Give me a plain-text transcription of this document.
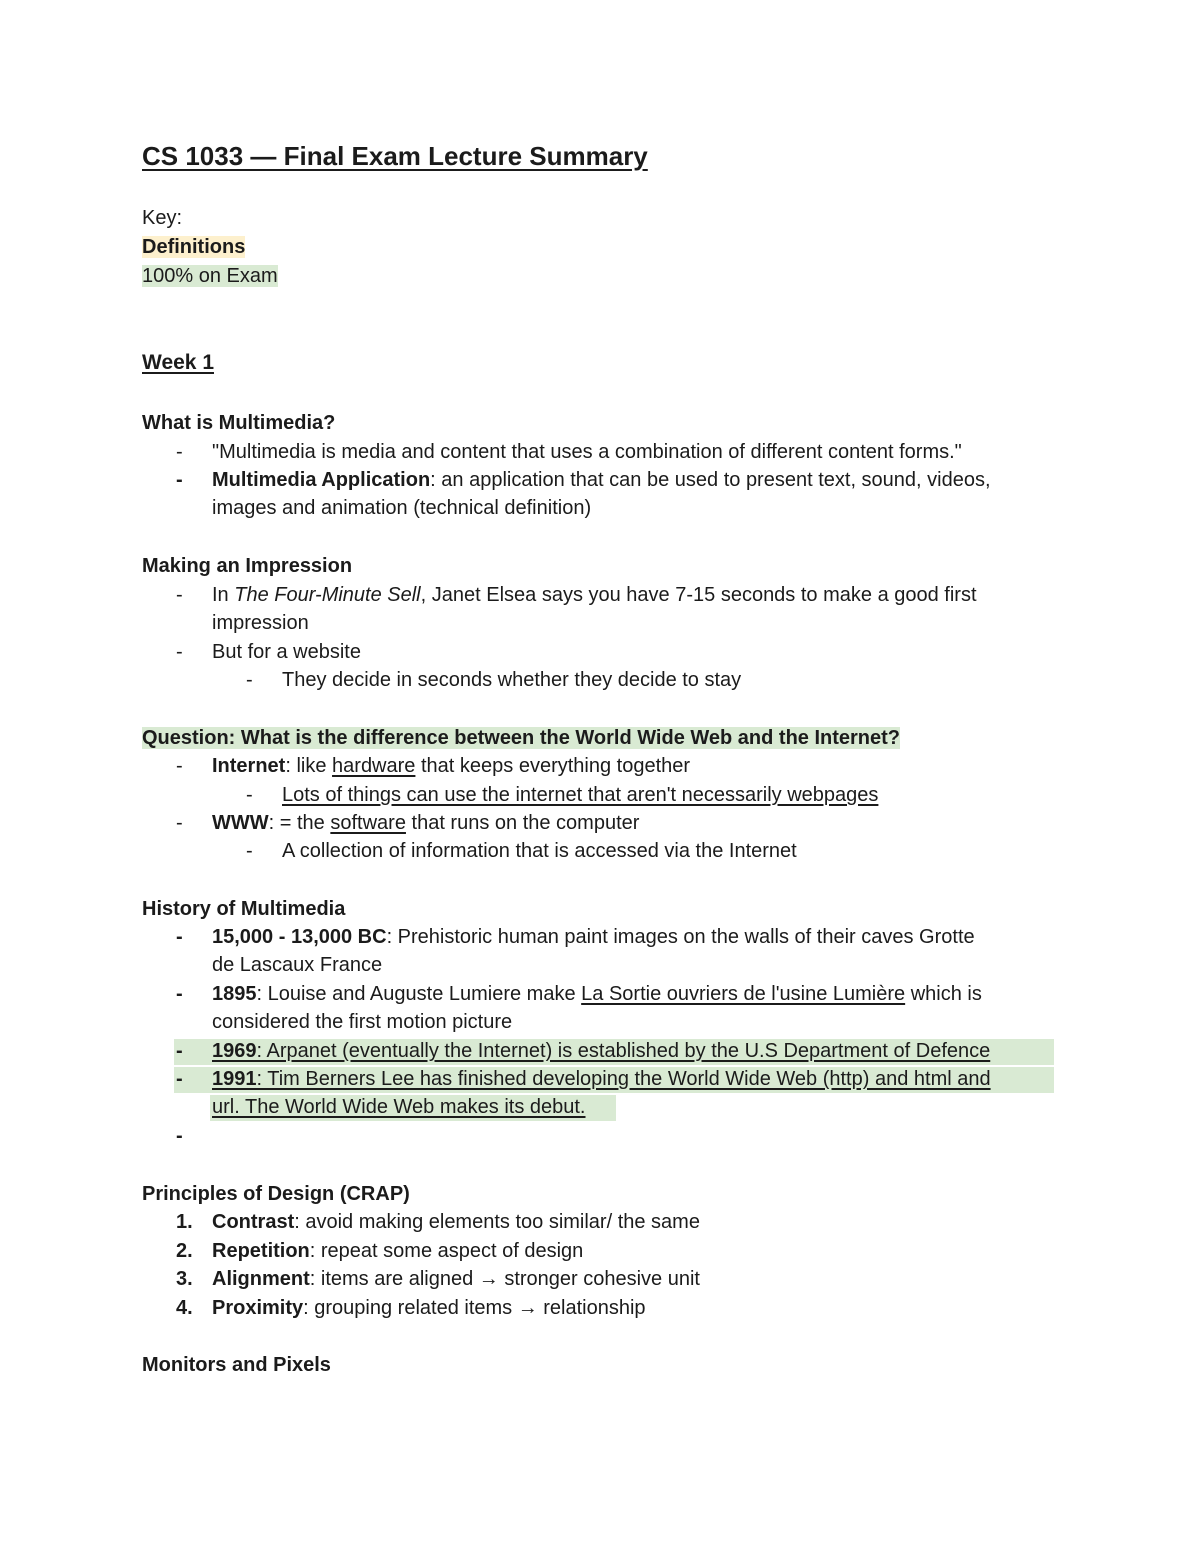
CS 1033 — Final Exam Lecture Summary
Key:
Definitions
100% on Exam
Week 1
What is Multimedia?
- "Multimedia is media and content that uses a combination of different content forms."
- Multimedia Application: an application that can be used to present text, sound, videos,
images and animation (technical definition)
Making an Impression
- In The Four-Minute Sell, Janet Elsea says you have 7-15 seconds to make a good first
impression
- But for a website
- They decide in seconds whether they decide to stay
Question: What is the difference between the World Wide Web and the Internet?
- Internet: like hardware that keeps everything together
- Lots of things can use the internet that aren't necessarily webpages
- WWW: = the software that runs on the computer
- A collection of information that is accessed via the Internet
History of Multimedia
- 15,000 - 13,000 BC: Prehistoric human paint images on the walls of their caves Grotte
de Lascaux France
- 1895: Louise and Auguste Lumiere make La Sortie ouvriers de l'usine Lumière which is
considered the first motion picture
- 1969: Arpanet (eventually the Internet) is established by the U.S Department of Defence
- 1991: Tim Berners Lee has finished developing the World Wide Web (http) and html and
url. The World Wide Web makes its debut.
-
Principles of Design (CRAP)
1. Contrast: avoid making elements too similar/ the same
2. Repetition: repeat some aspect of design
3. Alignment: items are aligned → stronger cohesive unit
4. Proximity: grouping related items → relationship
Monitors and Pixels
